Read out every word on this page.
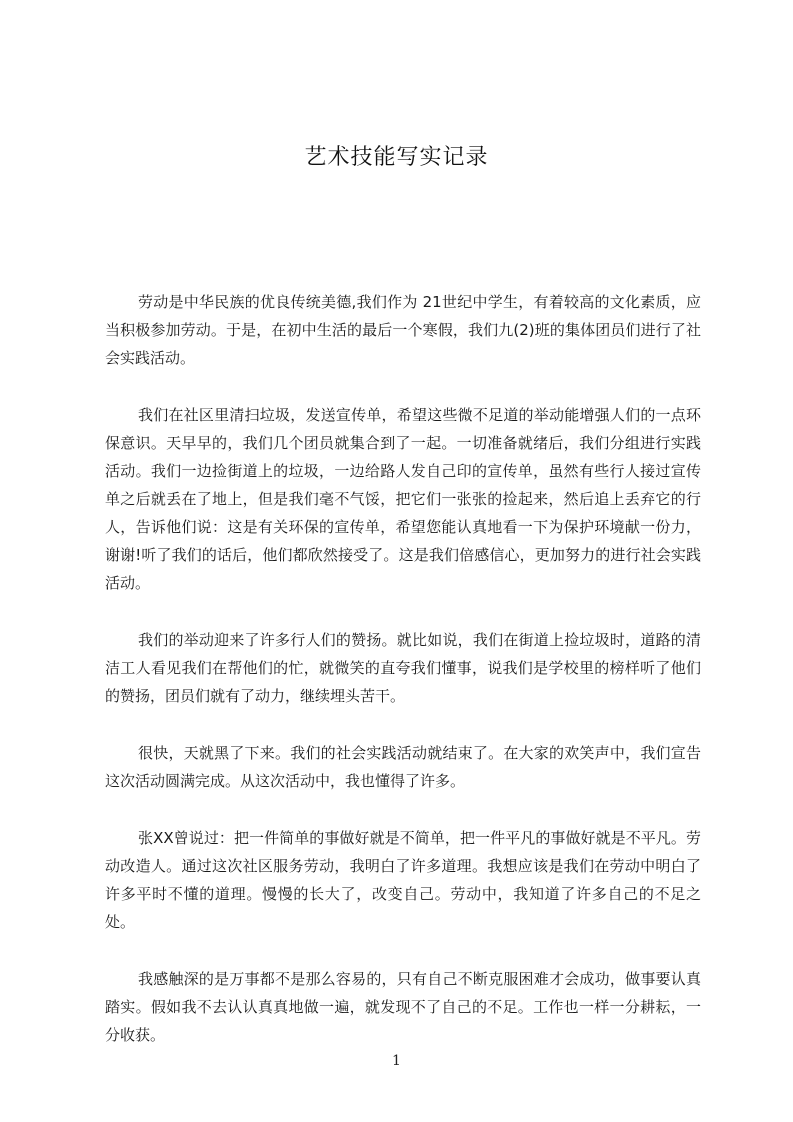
艺术技能写实记录

劳动是中华民族的优良传统美德,我们作为 21世纪中学生，有着较高的文化素质，应当积极参加劳动。于是，在初中生活的最后一个寒假，我们九(2)班的集体团员们进行了社会实践活动。

我们在社区里清扫垃圾，发送宣传单，希望这些微不足道的举动能增强人们的一点环保意识。天早早的，我们几个团员就集合到了一起。一切准备就绪后，我们分组进行实践活动。我们一边捡街道上的垃圾，一边给路人发自己印的宣传单，虽然有些行人接过宣传单之后就丢在了地上，但是我们毫不气馁，把它们一张张的捡起来，然后追上丢弃它的行人，告诉他们说：这是有关环保的宣传单，希望您能认真地看一下为保护环境献一份力，谢谢!听了我们的话后，他们都欣然接受了。这是我们倍感信心，更加努力的进行社会实践活动。

我们的举动迎来了许多行人们的赞扬。就比如说，我们在街道上捡垃圾时，道路的清洁工人看见我们在帮他们的忙，就微笑的直夸我们懂事，说我们是学校里的榜样听了他们的赞扬，团员们就有了动力，继续埋头苦干。

很快，天就黑了下来。我们的社会实践活动就结束了。在大家的欢笑声中，我们宣告这次活动圆满完成。从这次活动中，我也懂得了许多。

张XX曾说过：把一件简单的事做好就是不简单，把一件平凡的事做好就是不平凡。劳动改造人。通过这次社区服务劳动，我明白了许多道理。我想应该是我们在劳动中明白了许多平时不懂的道理。慢慢的长大了，改变自己。劳动中，我知道了许多自己的不足之处。

我感触深的是万事都不是那么容易的，只有自己不断克服困难才会成功，做事要认真踏实。假如我不去认认真真地做一遍，就发现不了自己的不足。工作也一样一分耕耘，一分收获。

1
